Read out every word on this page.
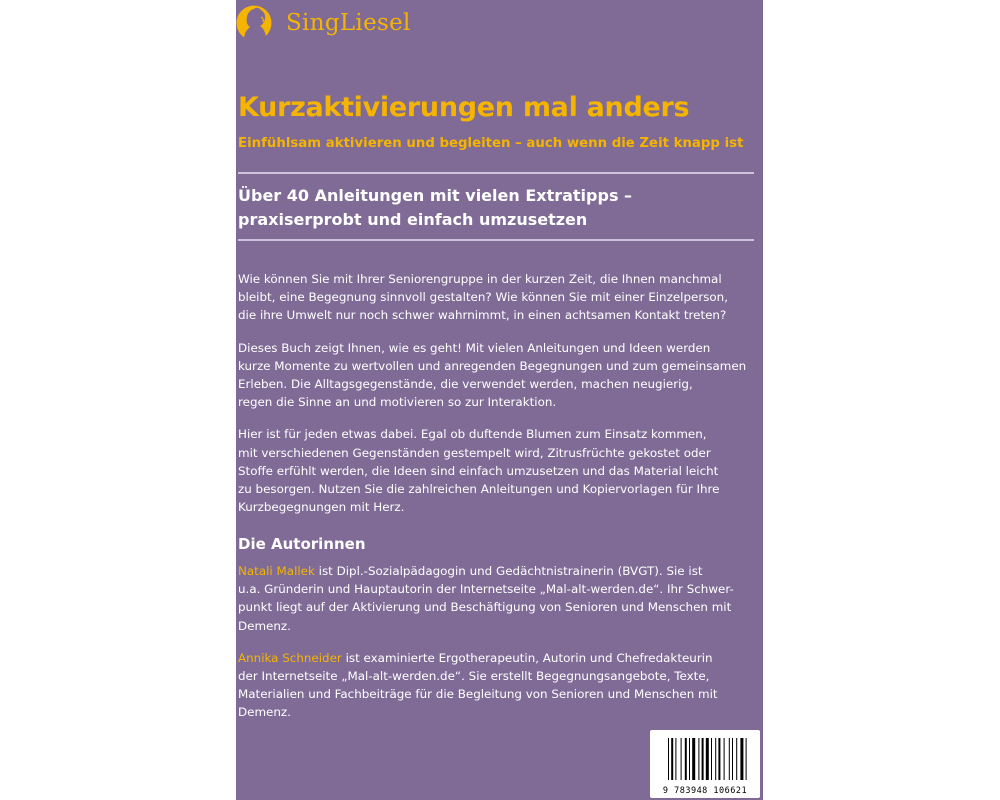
SingLiesel
Kurzaktivierungen mal anders
Einfühlsam aktivieren und begleiten – auch wenn die Zeit knapp ist
Über 40 Anleitungen mit vielen Extratipps –
praxiserprobt und einfach umzusetzen

Wie können Sie mit Ihrer Seniorengruppe in der kurzen Zeit, die Ihnen manchmal
bleibt, eine Begegnung sinnvoll gestalten? Wie können Sie mit einer Einzelperson,
die ihre Umwelt nur noch schwer wahrnimmt, in einen achtsamen Kontakt treten?

Dieses Buch zeigt Ihnen, wie es geht! Mit vielen Anleitungen und Ideen werden
kurze Momente zu wertvollen und anregenden Begegnungen und zum gemeinsamen
Erleben. Die Alltagsgegenstände, die verwendet werden, machen neugierig,
regen die Sinne an und motivieren so zur Interaktion.

Hier ist für jeden etwas dabei. Egal ob duftende Blumen zum Einsatz kommen,
mit verschiedenen Gegenständen gestempelt wird, Zitrusfrüchte gekostet oder
Stoffe erfühlt werden, die Ideen sind einfach umzusetzen und das Material leicht
zu besorgen. Nutzen Sie die zahlreichen Anleitungen und Kopiervorlagen für Ihre
Kurzbegegnungen mit Herz.

Die Autorinnen

Natali Mallek ist Dipl.-Sozialpädagogin und Gedächtnistrainerin (BVGT). Sie ist
u.a. Gründerin und Hauptautorin der Internetseite „Mal-alt-werden.de“. Ihr Schwer-
punkt liegt auf der Aktivierung und Beschäftigung von Senioren und Menschen mit
Demenz.

Annika Schneider ist examinierte Ergotherapeutin, Autorin und Chefredakteurin
der Internetseite „Mal-alt-werden.de“. Sie erstellt Begegnungsangebote, Texte,
Materialien und Fachbeiträge für die Begleitung von Senioren und Menschen mit
Demenz.

9 783948 106621
